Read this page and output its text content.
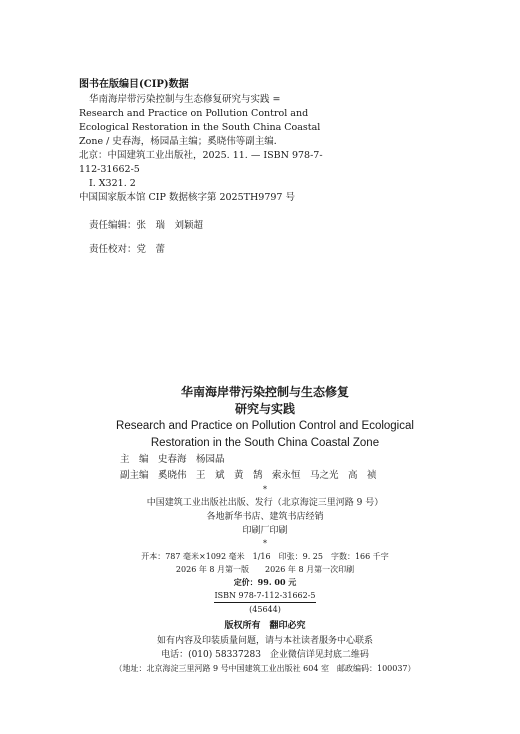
图书在版编目(CIP)数据
华南海岸带污染控制与生态修复研究与实践 =
Research and Practice on Pollution Control and
Ecological Restoration in the South China Coastal
Zone / 史春海，杨园晶主编；奚晓伟等副主编．
北京：中国建筑工业出版社，2025. 11. — ISBN 978-7-
112-31662-5
Ⅰ. X321. 2
中国国家版本馆 CIP 数据核字第 2025TH9797 号
责任编辑：张　瑞　刘颖超
责任校对：党　蕾
华南海岸带污染控制与生态修复
研究与实践
Research and Practice on Pollution Control and Ecological
Restoration in the South China Coastal Zone
主　编　史春海　杨园晶
副主编　奚晓伟　王　斌　黄　鹄　索永恒　马之光　高　祯
*
中国建筑工业出版社出版、发行（北京海淀三里河路 9 号）
各地新华书店、建筑书店经销
印刷厂印刷
*
开本：787 毫米×1092 毫米　1/16　印张：9. 25　字数：166 千字
2026 年 8 月第一版　　2026 年 8 月第一次印刷
定价：99. 00 元
ISBN 978-7-112-31662-5
(45644)
版权所有　翻印必究
如有内容及印装质量问题，请与本社读者服务中心联系
电话：(010) 58337283　企业微信详见封底二维码
（地址：北京海淀三里河路 9 号中国建筑工业出版社 604 室　邮政编码：100037）
